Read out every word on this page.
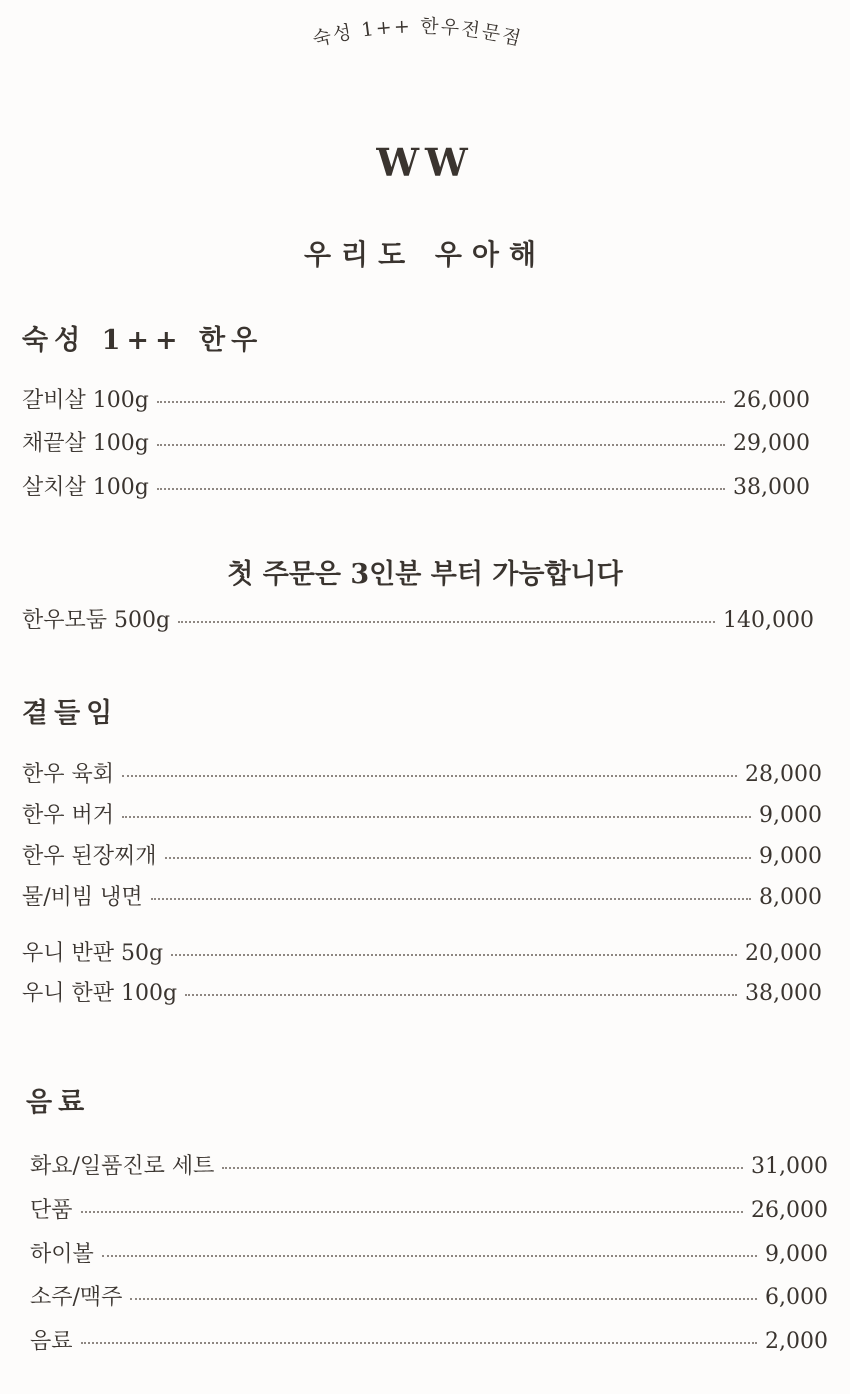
숙성 1++ 한우전문점
WW
우리도 우아해
숙성 1++ 한우
갈비살 100g	26,000
채끝살 100g	29,000
살치살 100g	38,000
첫 주문은 3인분 부터 가능합니다
한우모둠 500g	140,000
곁들임
한우 육회	28,000
한우 버거	9,000
한우 된장찌개	9,000
물/비빔 냉면	8,000
우니 반판 50g	20,000
우니 한판 100g	38,000
음료
화요/일품진로 세트	31,000
단품	26,000
하이볼	9,000
소주/맥주	6,000
음료	2,000
